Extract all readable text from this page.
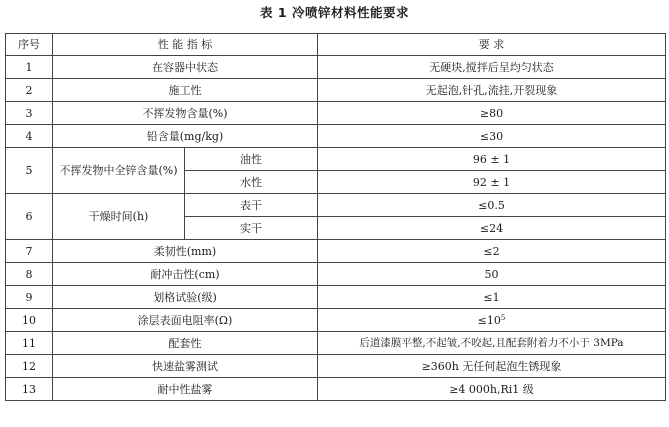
表 1 冷喷锌材料性能要求
序号	性 能 指 标		要 求
1	在容器中状态		无硬块,搅拌后呈均匀状态
2	施工性		无起泡,针孔,流挂,开裂现象
3	不挥发物含量(%)		≥80
4	铅含量(mg/kg)		≤30
5	不挥发物中全锌含量(%)	油性	96 ± 1
		水性	92 ± 1
6	干燥时间(h)	表干	≤0.5
		实干	≤24
7	柔韧性(mm)		≤2
8	耐冲击性(cm)		50
9	划格试验(级)		≤1
10	涂层表面电阻率(Ω)		$\le 10^5$
11	配套性		后道漆膜平整,不起皱,不咬起,且配套附着力不小于 3MPa
12	快速盐雾测试		≥360h 无任何起泡生锈现象
13	耐中性盐雾		≥4 000h,Ri1 级
